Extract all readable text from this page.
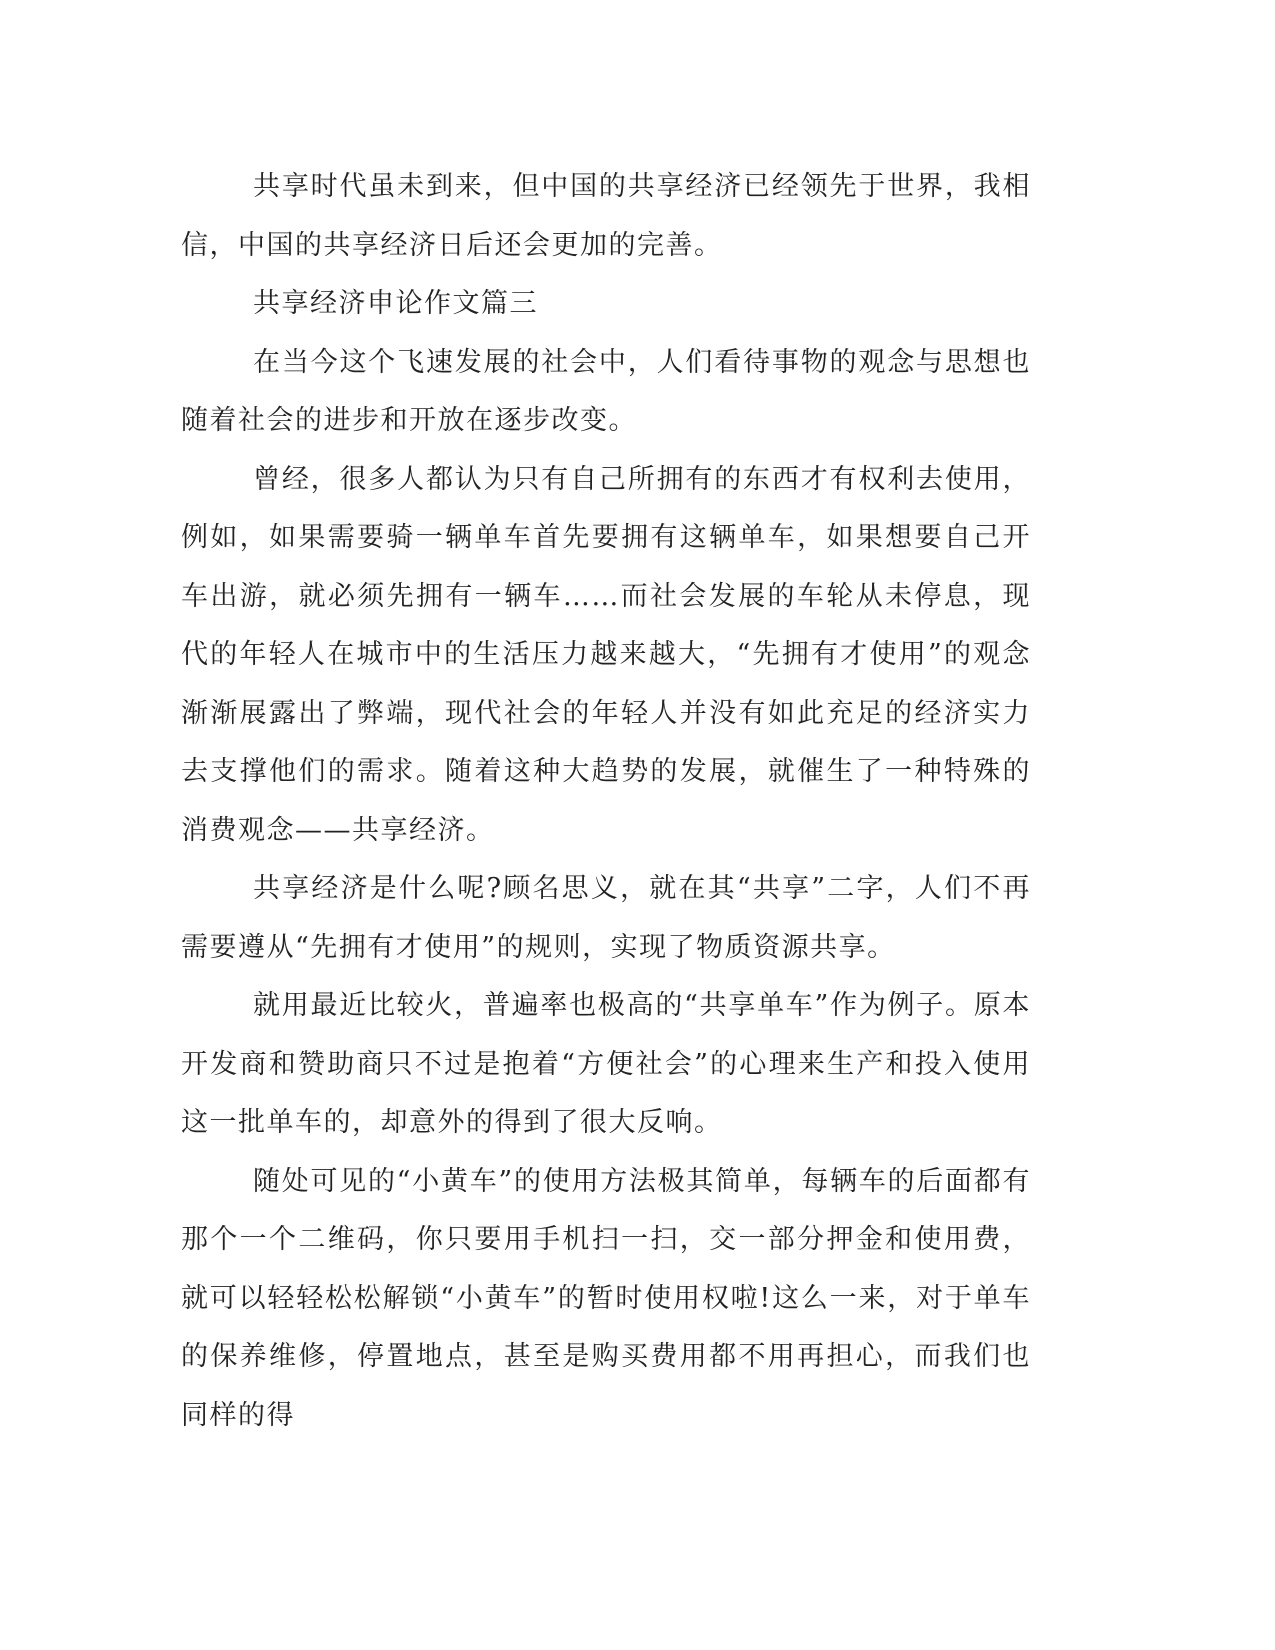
共享时代虽未到来，但中国的共享经济已经领先于世界，我相信，中国的共享经济日后还会更加的完善。

共享经济申论作文篇三

在当今这个飞速发展的社会中，人们看待事物的观念与思想也随着社会的进步和开放在逐步改变。

曾经，很多人都认为只有自己所拥有的东西才有权利去使用，例如，如果需要骑一辆单车首先要拥有这辆单车，如果想要自己开车出游，就必须先拥有一辆车……而社会发展的车轮从未停息，现代的年轻人在城市中的生活压力越来越大，“先拥有才使用”的观念渐渐展露出了弊端，现代社会的年轻人并没有如此充足的经济实力去支撑他们的需求。随着这种大趋势的发展，就催生了一种特殊的消费观念——共享经济。

共享经济是什么呢?顾名思义，就在其“共享”二字，人们不再需要遵从“先拥有才使用”的规则，实现了物质资源共享。

就用最近比较火，普遍率也极高的“共享单车”作为例子。原本开发商和赞助商只不过是抱着“方便社会”的心理来生产和投入使用这一批单车的，却意外的得到了很大反响。

随处可见的“小黄车”的使用方法极其简单，每辆车的后面都有那个一个二维码，你只要用手机扫一扫，交一部分押金和使用费，就可以轻轻松松解锁“小黄车”的暂时使用权啦!这么一来，对于单车的保养维修，停置地点，甚至是购买费用都不用再担心，而我们也同样的得
